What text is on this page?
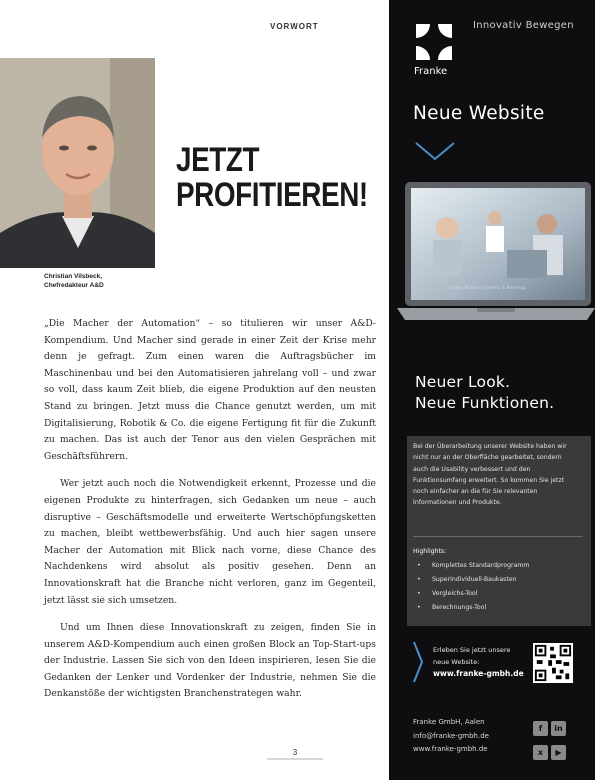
VORWORT
Christian Vilsbeck,
Chefredakteur A&D
JETZT
PROFITIEREN!

„Die Macher der Automation“ – so titulieren wir unser A&D-Kompendium. Und Macher sind gerade in einer Zeit der Krise mehr denn je gefragt. Zum einen waren die Auftragsbücher im Maschinenbau und bei den Automatisieren jahrelang voll – und zwar so voll, dass kaum Zeit blieb, die eigene Produktion auf den neusten Stand zu bringen. Jetzt muss die Chance genutzt werden, um mit Digitalisierung, Robotik & Co. die eigene Fertigung fit für die Zukunft zu machen. Das ist auch der Tenor aus den vielen Gesprächen mit Geschäftsführern.

Wer jetzt auch noch die Notwendigkeit erkennt, Prozesse und die eigenen Produkte zu hinterfragen, sich Gedanken um neue – auch disruptive – Geschäftsmodelle und erweiterte Wertschöpfungsketten zu machen, bleibt wettbewerbsfähig. Und auch hier sagen unsere Macher der Automation mit Blick nach vorne, diese Chance des Nachdenkens wird absolut als positiv gesehen. Denn an Innovationskraft hat die Branche nicht verloren, ganz im Gegenteil, jetzt lässt sie sich umsetzen.

Und um Ihnen diese Innovationskraft zu zeigen, finden Sie in unserem A&D-Kompendium auch einen großen Block an Top-Start-ups der Industrie. Lassen Sie sich von den Ideen inspirieren, lesen Sie die Gedanken der Lenker und Vordenker der Industrie, nehmen Sie die Denkanstöße der wichtigsten Branchenstrategen wahr.

3
Franke
Innovativ Bewegen
Neue Website
Linear Motion Systems & Bearings
Neuer Look.
Neue Funktionen.
Bei der Überarbeitung unserer Website haben wir nicht nur an der Oberfläche gearbeitet, sondern auch die Usability verbessert und den Funktionsumfang erweitert. So kommen Sie jetzt noch einfacher an die für Sie relevanten Informationen und Produkte.
Highlights:
• Komplettes Standardprogramm
• Superindividuell-Baukasten
• Vergleichs-Tool
• Berechnungs-Tool
Erleben Sie jetzt unsere
neue Website:
www.franke-gmbh.de
Franke GmbH, Aalen
info@franke-gmbh.de
www.franke-gmbh.de
f in x ▶
